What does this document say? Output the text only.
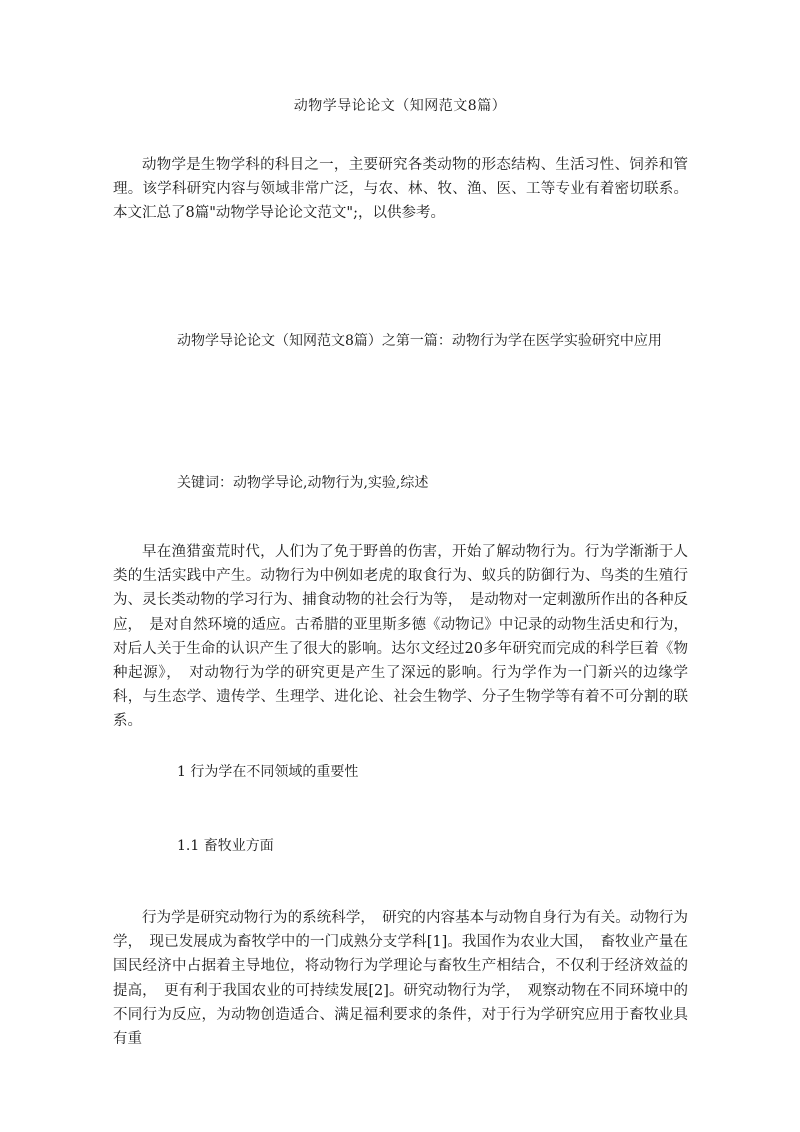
动物学导论论文（知网范文8篇）

动物学是生物学科的科目之一，主要研究各类动物的形态结构、生活习性、饲养和管理。该学科研究内容与领域非常广泛，与农、林、牧、渔、医、工等专业有着密切联系。本文汇总了8篇"动物学导论论文范文";，以供参考。

动物学导论论文（知网范文8篇）之第一篇：动物行为学在医学实验研究中应用
关键词：动物学导论,动物行为,实验,综述

早在渔猎蛮荒时代，人们为了免于野兽的伤害，开始了解动物行为。行为学渐渐于人类的生活实践中产生。动物行为中例如老虎的取食行为、蚁兵的防御行为、鸟类的生殖行为、灵长类动物的学习行为、捕食动物的社会行为等，　是动物对一定刺激所作出的各种反应，　是对自然环境的适应。古希腊的亚里斯多德《动物记》中记录的动物生活史和行为，对后人关于生命的认识产生了很大的影响。达尔文经过20多年研究而完成的科学巨着《物种起源》，　对动物行为学的研究更是产生了深远的影响。行为学作为一门新兴的边缘学科，与生态学、遗传学、生理学、进化论、社会生物学、分子生物学等有着不可分割的联系。

1 行为学在不同领域的重要性
1.1 畜牧业方面

行为学是研究动物行为的系统科学，　研究的内容基本与动物自身行为有关。动物行为学，　现已发展成为畜牧学中的一门成熟分支学科[1]。我国作为农业大国，　畜牧业产量在国民经济中占据着主导地位，将动物行为学理论与畜牧生产相结合，不仅利于经济效益的提高，　更有利于我国农业的可持续发展[2]。研究动物行为学，　观察动物在不同环境中的不同行为反应，为动物创造适合、满足福利要求的条件，对于行为学研究应用于畜牧业具有重
